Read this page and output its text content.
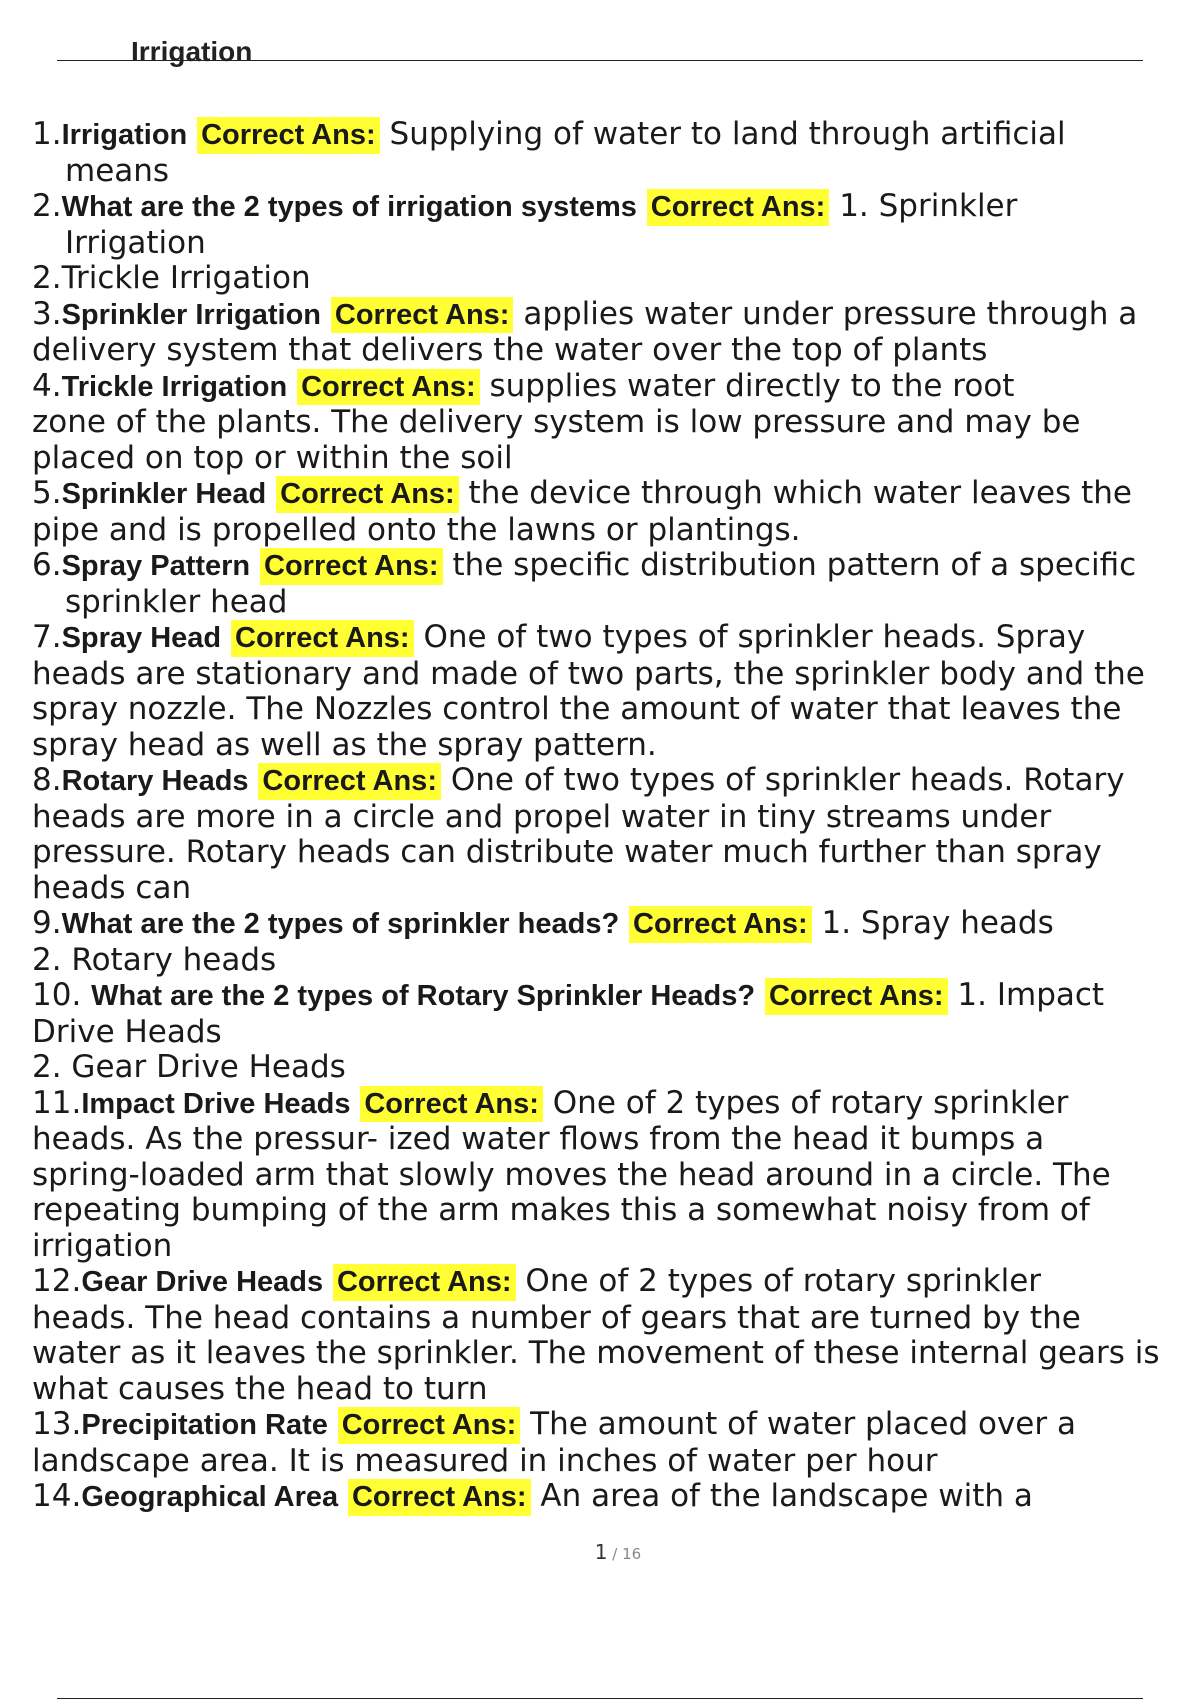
Irrigation
1.Irrigation Correct Ans: Supplying of water to land through artificial
means
2.What are the 2 types of irrigation systems Correct Ans: 1. Sprinkler
Irrigation
2.Trickle Irrigation
3.Sprinkler Irrigation Correct Ans: applies water under pressure through a
delivery system that delivers the water over the top of plants
4.Trickle Irrigation Correct Ans: supplies water directly to the root
zone of the plants. The delivery system is low pressure and may be
placed on top or within the soil
5.Sprinkler Head Correct Ans: the device through which water leaves the
pipe and is propelled onto the lawns or plantings.
6.Spray Pattern Correct Ans: the specific distribution pattern of a specific
sprinkler head
7.Spray Head Correct Ans: One of two types of sprinkler heads. Spray
heads are stationary and made of two parts, the sprinkler body and the
spray nozzle. The Nozzles control the amount of water that leaves the
spray head as well as the spray pattern.
8.Rotary Heads Correct Ans: One of two types of sprinkler heads. Rotary
heads are more in a circle and propel water in tiny streams under
pressure. Rotary heads can distribute water much further than spray
heads can
9.What are the 2 types of sprinkler heads? Correct Ans: 1. Spray heads
2. Rotary heads
10. What are the 2 types of Rotary Sprinkler Heads? Correct Ans: 1. Impact
Drive Heads
2. Gear Drive Heads
11.Impact Drive Heads Correct Ans: One of 2 types of rotary sprinkler
heads. As the pressur- ized water flows from the head it bumps a
spring-loaded arm that slowly moves the head around in a circle. The
repeating bumping of the arm makes this a somewhat noisy from of
irrigation
12.Gear Drive Heads Correct Ans: One of 2 types of rotary sprinkler
heads. The head contains a number of gears that are turned by the
water as it leaves the sprinkler. The movement of these internal gears is
what causes the head to turn
13.Precipitation Rate Correct Ans: The amount of water placed over a
landscape area. It is measured in inches of water per hour
14.Geographical Area Correct Ans: An area of the landscape with a
1 / 16
